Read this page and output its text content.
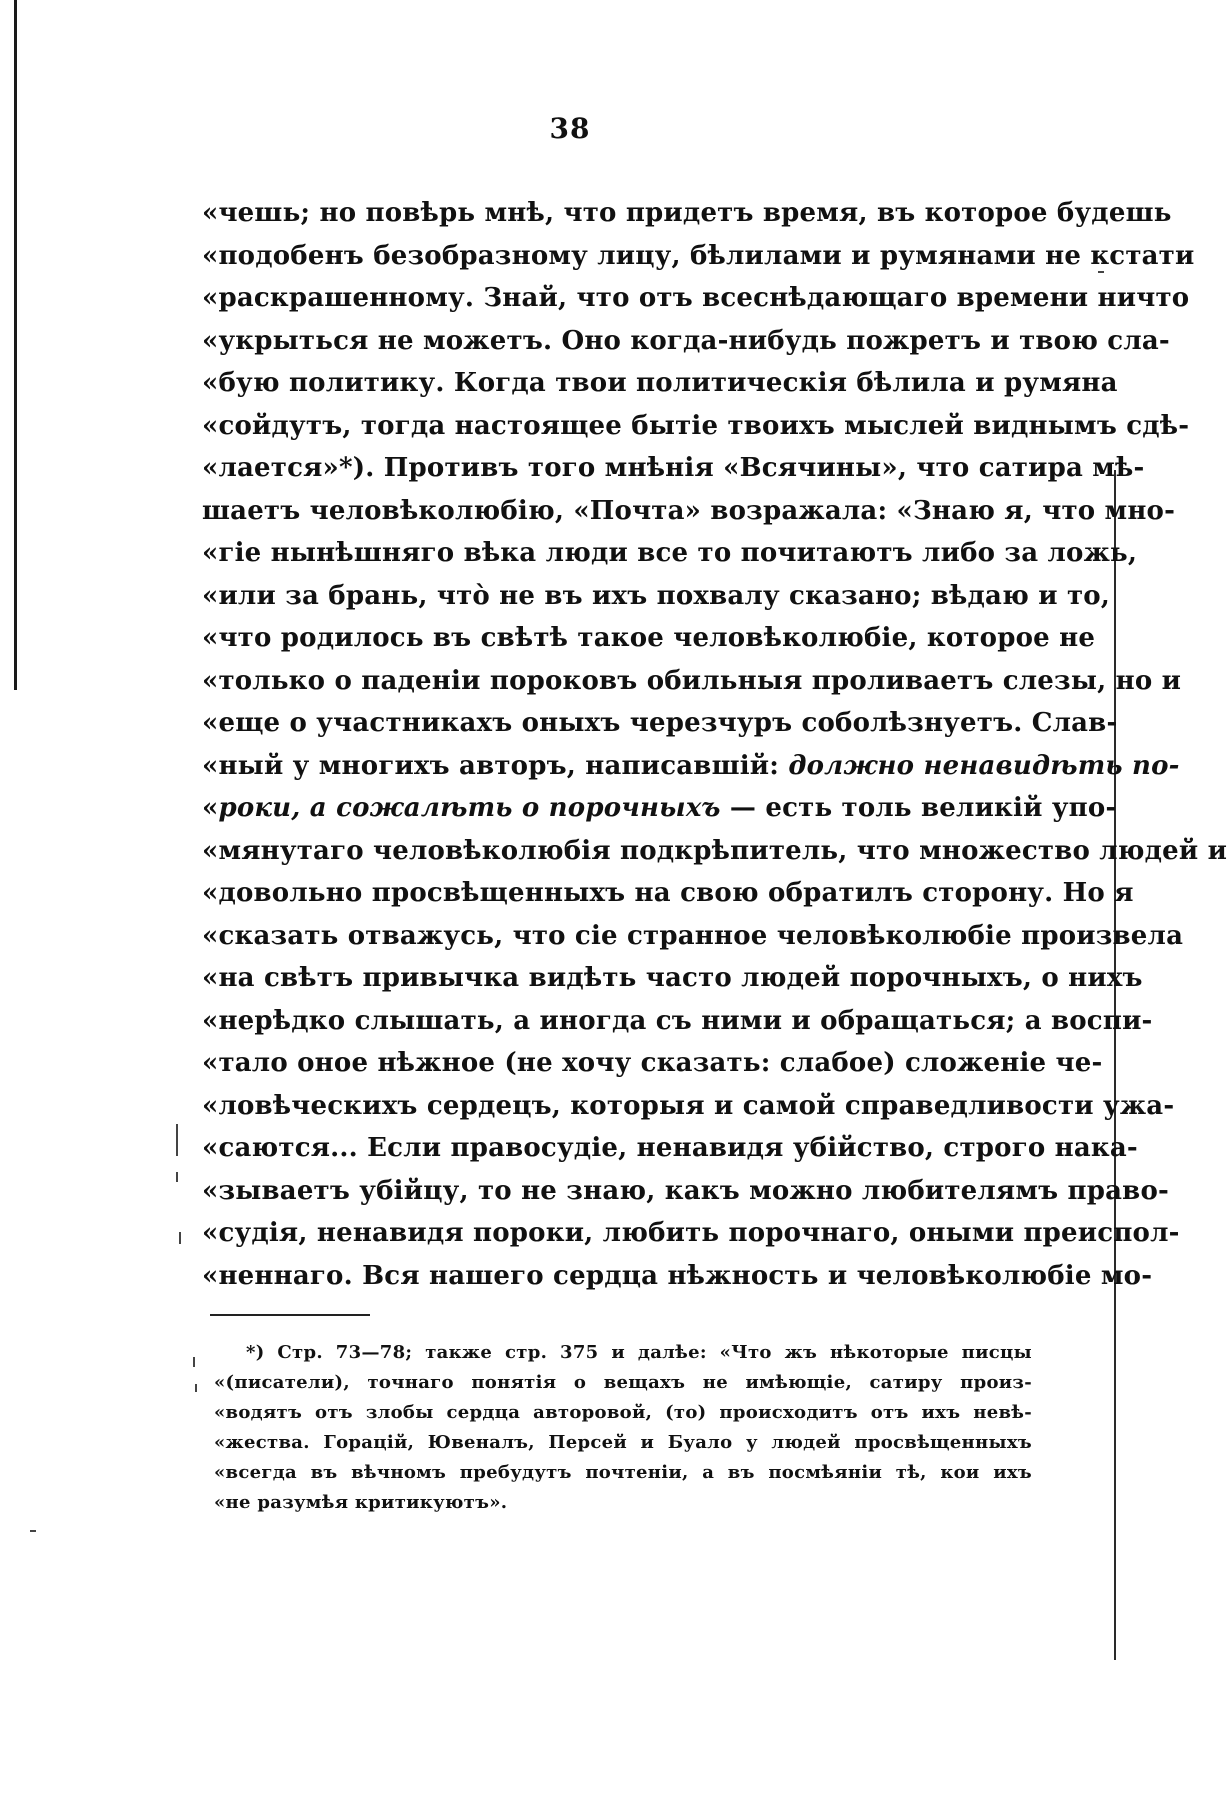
38
«чешь; но повѣрь мнѣ, что придетъ время, въ которое будешь
«подобенъ безобразному лицу, бѣлилами и румянами не кстати
«раскрашенному. Знай, что отъ всеснѣдающаго времени ничто
«укрыться не можетъ. Оно когда-нибудь пожретъ и твою сла-
«бую политику. Когда твои политическія бѣлила и румяна
«сойдутъ, тогда настоящее бытіе твоихъ мыслей виднымъ сдѣ-
«лается»*). Противъ того мнѣнія «Всячины», что сатира мѣ-
шаетъ человѣколюбію, «Почта» возражала: «Знаю я, что мно-
«гіе нынѣшняго вѣка люди все то почитаютъ либо за ложь,
«или за брань, чтò не въ ихъ похвалу сказано; вѣдаю и то,
«что родилось въ свѣтѣ такое человѣколюбіе, которое не
«только о паденіи пороковъ обильныя проливаетъ слезы, но и
«еще о участникахъ оныхъ черезчуръ соболѣзнуетъ. Слав-
«ный у многихъ авторъ, написавшій: должно ненавидѣть по-
«роки, а сожалѣть о порочныхъ — есть толь великій упо-
«мянутаго человѣколюбія подкрѣпитель, что множество людей и
«довольно просвѣщенныхъ на свою обратилъ сторону. Но я
«сказать отважусь, что сіе странное человѣколюбіе произвела
«на свѣтъ привычка видѣть часто людей порочныхъ, о нихъ
«нерѣдко слышать, а иногда съ ними и обращаться; а воспи-
«тало оное нѣжное (не хочу сказать: слабое) сложеніе че-
«ловѣческихъ сердецъ, которыя и самой справедливости ужа-
«саются... Если правосудіе, ненавидя убійство, строго нака-
«зываетъ убійцу, то не знаю, какъ можно любителямъ право-
«судія, ненавидя пороки, любить порочнаго, оными преиспол-
«неннаго. Вся нашего сердца нѣжность и человѣколюбіе мо-
*) Стр. 73—78; также стр. 375 и далѣе: «Что жъ нѣкоторые писцы
«(писатели), точнаго понятія о вещахъ не имѣющіе, сатиру произ-
«водятъ отъ злобы сердца авторовой, (то) происходитъ отъ ихъ невѣ-
«жества. Горацій, Ювеналъ, Персей и Буало у людей просвѣщенныхъ
«всегда въ вѣчномъ пребудутъ почтеніи, а въ посмѣяніи тѣ, кои ихъ
«не разумѣя критикуютъ».
